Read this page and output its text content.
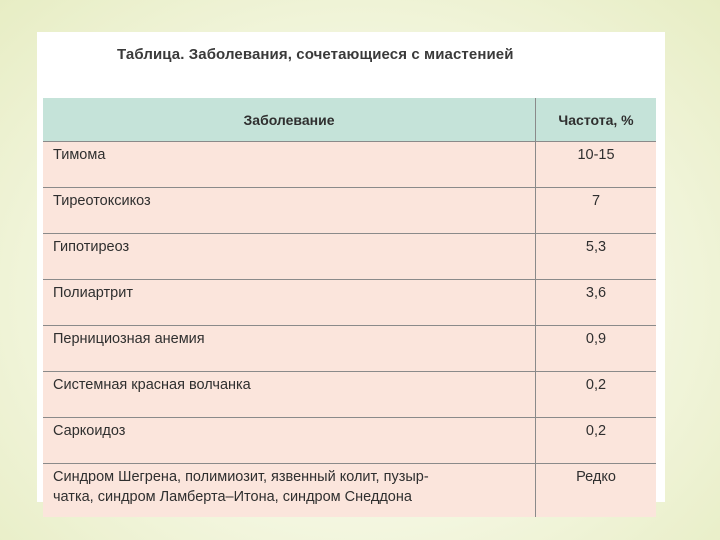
Таблица. Заболевания, сочетающиеся с миастенией
Заболевание	Частота, %
Тимома	10-15
Тиреотоксикоз	7
Гипотиреоз	5,3
Полиартрит	3,6
Пернициозная анемия	0,9
Системная красная волчанка	0,2
Саркоидоз	0,2
Синдром Шегрена, полимиозит, язвенный колит, пузыр-
чатка, синдром Ламберта–Итона, синдром Снеддона	Редко
